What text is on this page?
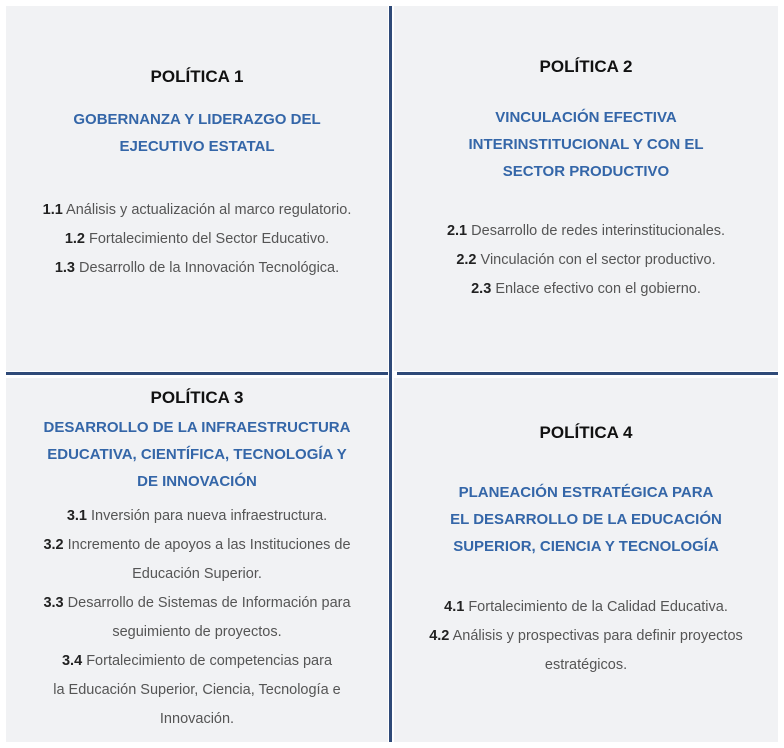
POLÍTICA 1
GOBERNANZA Y LIDERAZGO DEL
EJECUTIVO ESTATAL
1.1 Análisis y actualización al marco regulatorio.
1.2 Fortalecimiento del Sector Educativo.
1.3 Desarrollo de la Innovación Tecnológica.
POLÍTICA 2
VINCULACIÓN EFECTIVA
INTERINSTITUCIONAL Y CON EL
SECTOR PRODUCTIVO
2.1 Desarrollo de redes interinstitucionales.
2.2 Vinculación con el sector productivo.
2.3 Enlace efectivo con el gobierno.
POLÍTICA 3
DESARROLLO DE LA INFRAESTRUCTURA
EDUCATIVA, CIENTÍFICA, TECNOLOGÍA Y
DE INNOVACIÓN
3.1 Inversión para nueva infraestructura.
3.2 Incremento de apoyos a las Instituciones de
Educación Superior.
3.3 Desarrollo de Sistemas de Información para
seguimiento de proyectos.
3.4 Fortalecimiento de competencias para
la Educación Superior, Ciencia, Tecnología e
Innovación.
POLÍTICA 4
PLANEACIÓN ESTRATÉGICA PARA
EL DESARROLLO DE LA EDUCACIÓN
SUPERIOR, CIENCIA Y TECNOLOGÍA
4.1 Fortalecimiento de la Calidad Educativa.
4.2 Análisis y prospectivas para definir proyectos
estratégicos.
